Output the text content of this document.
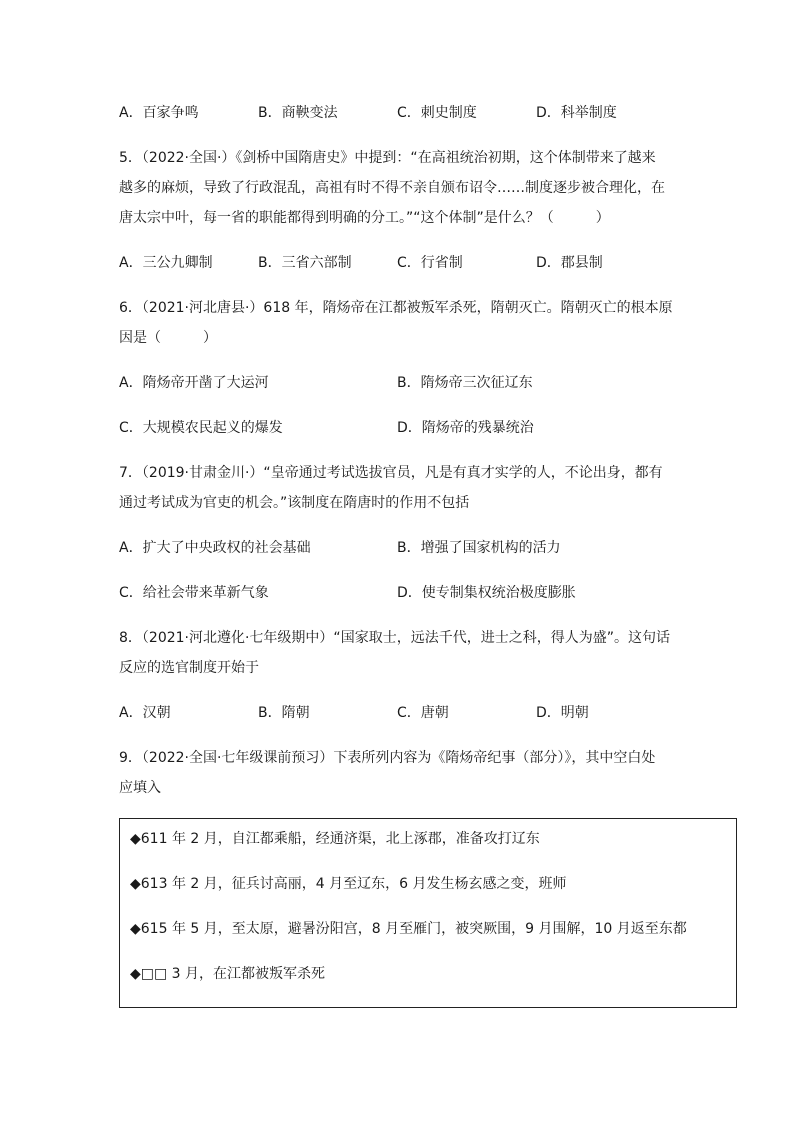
A．百家争鸣	B．商鞅变法	C．刺史制度	D．科举制度
5．（2022·全国·）《剑桥中国隋唐史》中提到：“在高祖统治初期，这个体制带来了越来
越多的麻烦，导致了行政混乱，高祖有时不得不亲自颁布诏令……制度逐步被合理化，在
唐太宗中叶，每一省的职能都得到明确的分工。”“这个体制”是什么？（　　　）
A．三公九卿制	B．三省六部制	C．行省制	D．郡县制
6．（2021·河北唐县·）618 年，隋炀帝在江都被叛军杀死，隋朝灭亡。隋朝灭亡的根本原
因是（　　　）
A．隋炀帝开凿了大运河	B．隋炀帝三次征辽东
C．大规模农民起义的爆发	D．隋炀帝的残暴统治
7．（2019·甘肃金川·）“皇帝通过考试选拔官员，凡是有真才实学的人，不论出身，都有
通过考试成为官吏的机会。”该制度在隋唐时的作用不包括
A．扩大了中央政权的社会基础	B．增强了国家机构的活力
C．给社会带来革新气象	D．使专制集权统治极度膨胀
8．（2021·河北遵化·七年级期中）“国家取士，远法千代，进士之科，得人为盛”。这句话
反应的选官制度开始于
A．汉朝	B．隋朝	C．唐朝	D．明朝
9．（2022·全国·七年级课前预习）下表所列内容为《隋炀帝纪事（部分）》，其中空白处
应填入
◆611 年 2 月，自江都乘船，经通济渠，北上涿郡，准备攻打辽东
◆613 年 2 月，征兵讨高丽，4 月至辽东，6 月发生杨玄感之变，班师
◆615 年 5 月，至太原，避暑汾阳宫，8 月至雁门，被突厥围，9 月围解，10 月返至东都
◆□□ 3 月，在江都被叛军杀死
